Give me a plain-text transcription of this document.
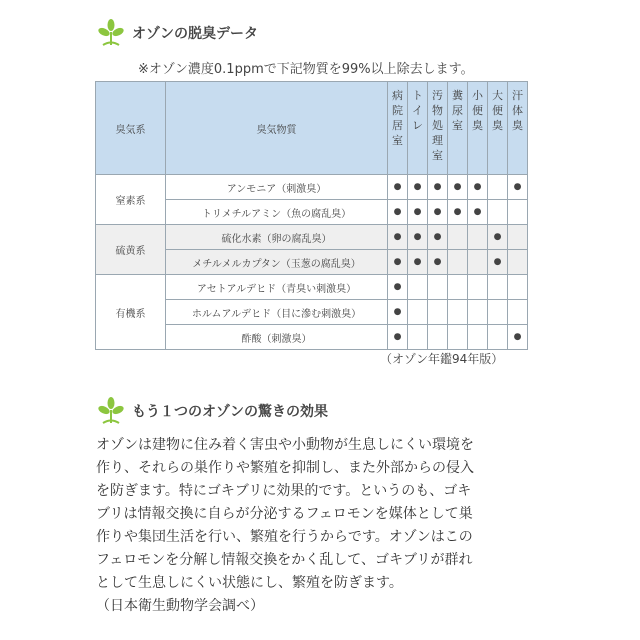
オゾンの脱臭データ
※オゾン濃度0.1ppmで下記物質を99%以上除去します。
臭気系	臭気物質	病院居室	トイレ	汚物処理室	糞尿室	小便臭	大便臭	汗体臭
窒素系	アンモニア（刺激臭）	●	●	●	●	●		●
	トリメチルアミン（魚の腐乱臭）	●	●	●	●	●		
硫黄系	硫化水素（卵の腐乱臭）	●	●	●			●	
	メチルメルカプタン（玉葱の腐乱臭）	●	●	●			●	
有機系	アセトアルデヒド（青臭い刺激臭）	●						
	ホルムアルデヒド（目に滲む刺激臭）	●						
	酢酸（刺激臭）	●						●
（オゾン年鑑94年版）
もう１つのオゾンの驚きの効果
オゾンは建物に住み着く害虫や小動物が生息しにくい環境を
作り、それらの巣作りや繁殖を抑制し、また外部からの侵入
を防ぎます。特にゴキブリに効果的です。というのも、ゴキ
ブリは情報交換に自らが分泌するフェロモンを媒体として巣
作りや集団生活を行い、繁殖を行うからです。オゾンはこの
フェロモンを分解し情報交換をかく乱して、ゴキブリが群れ
として生息しにくい状態にし、繁殖を防ぎます。
（日本衛生動物学会調べ）
